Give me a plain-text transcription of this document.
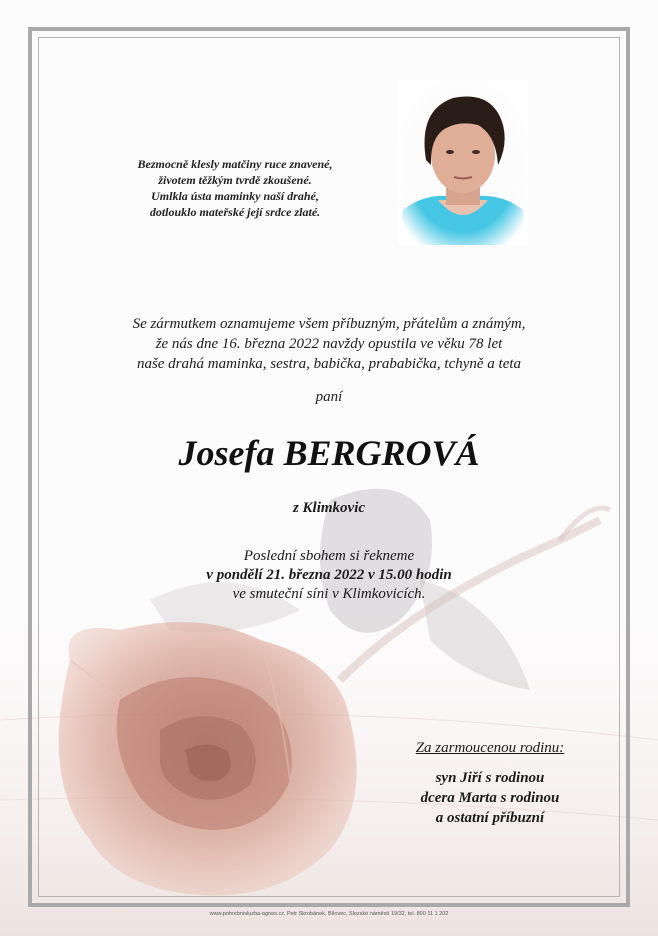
Bezmocně klesly matčiny ruce znavené,
životem těžkým tvrdě zkoušené.
Umlkla ústa maminky naší drahé,
dotlouklo mateřské její srdce zlaté.
Se zármutkem oznamujeme všem příbuzným, přátelům a známým,
že nás dne 16. března 2022 navždy opustila ve věku 78 let
naše drahá maminka, sestra, babička, prababička, tchyně a teta
paní
Josefa BERGROVÁ
z Klimkovic
Poslední sbohem si řekneme
v pondělí 21. března 2022 v 15.00 hodin
ve smuteční síni v Klimkovicích.
Za zarmoucenou rodinu:
syn Jiří s rodinou
dcera Marta s rodinou
a ostatní příbuzní
www.pohrebnisluzba-agnes.cz, Petr Skrobánek, Bílovec, Slezské náměstí 19/32, tel. 800 11 1 202
